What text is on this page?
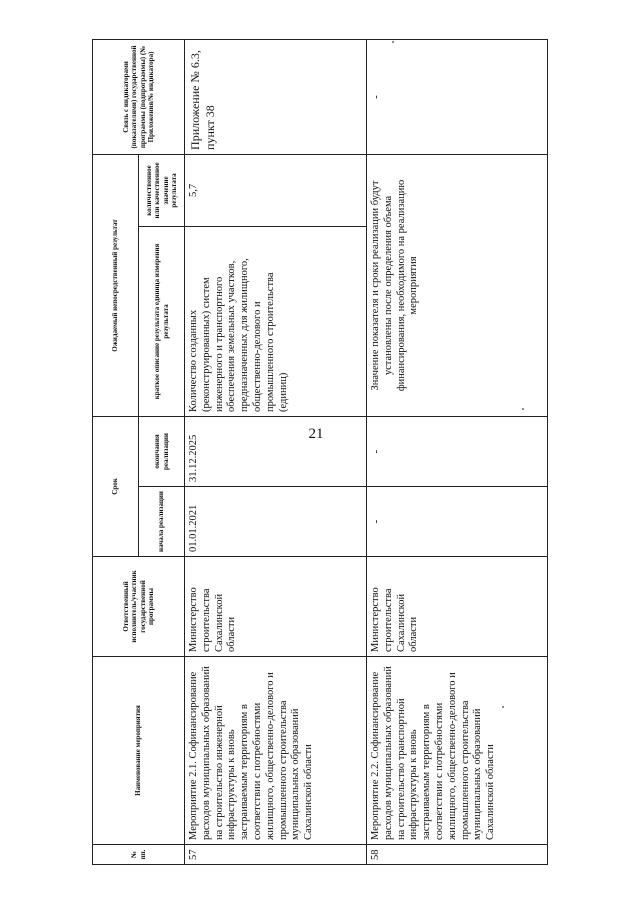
21
№ пп.	Наименование мероприятия	Ответственный исполнитель/участник государственной программы	Срок		Ожидаемый непосредственный результат		Связь с индикаторами (показателями) государственной программы (подпрограммы) (№ Приложения/№ индикатора)
			начала реализации	окончания реализации	краткое описание результата единица измерения результата	количественное или качественное значение результата	
57	Мероприятие 2.1. Софинансирование расходов муниципальных образований на строительство инженерной инфраструктуры к вновь застраиваемым территориям в соответствии с потребностями жилищного, общественно-делового и промышленного строительства муниципальных образований Сахалинской области	Министерство строительства Сахалинской области	01.01.2021	31.12.2025	Количество созданных (реконструированных) систем инженерного и транспортного обеспечения земельных участков, предназначенных для жилищного, общественно-делового и промышленного строительства (единиц)	5,7	Приложение № 6.3, пункт 38
58	Мероприятие 2.2. Софинансирование расходов муниципальных образований на строительство транспортной инфраструктуры к вновь застраиваемым территориям в соответствии с потребностями жилищного, общественно-делового и промышленного строительства муниципальных образований Сахалинской области	Министерство строительства Сахалинской области	-	-	Значение показателя и сроки реализации будут установлены после определения объема финансирования, необходимого на реализацию мероприятия		-
